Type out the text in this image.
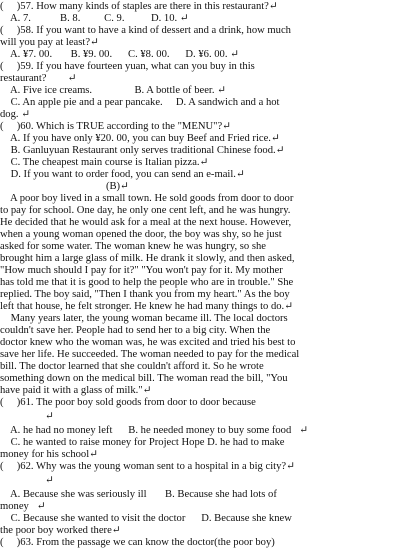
(     )57. How many kinds of staples are there in this restaurant?↵
A. 7.           B. 8.         C. 9.          D. 10. ↵
(     )58. If you want to have a kind of dessert and a drink, how much
will you pay at least?↵
A. ¥7. 00.       B. ¥9. 00.      C. ¥8. 00.      D. ¥6. 00. ↵
(     )59. If you have fourteen yuan, what can you buy in this
restaurant?        ↵
A. Five ice creams.                B. A bottle of beer. ↵
C. An apple pie and a pear pancake.     D. A sandwich and a hot
dog. ↵
(     )60. Which is TRUE according to the "MENU"?↵
A. If you have only ¥20. 00, you can buy Beef and Fried rice.↵
B. Ganluyuan Restaurant only serves traditional Chinese food.↵
C. The cheapest main course is Italian pizza.↵
D. If you want to order food, you can send an e-mail.↵
(B)↵
A poor boy lived in a small town. He sold goods from door to door
to pay for school. One day, he only one cent left, and he was hungry.
He decided that he would ask for a meal at the next house. However,
when a young woman opened the door, the boy was shy, so he just
asked for some water. The woman knew he was hungry, so she
brought him a large glass of milk. He drank it slowly, and then asked,
"How much should I pay for it?" "You won't pay for it. My mother
has told me that it is good to help the people who are in trouble." She
replied. The boy said, "Then I thank you from my heart." As the boy
left that house, he felt stronger. He knew he had many things to do.↵
Many years later, the young woman became ill. The local doctors
couldn't save her. People had to send her to a big city. When the
doctor knew who the woman was, he was excited and tried his best to
save her life. He succeeded. The woman needed to pay for the medical
bill. The doctor learned that she couldn't afford it. So he wrote
something down on the medical bill. The woman read the bill, "You
have paid it with a glass of milk."↵
(     )61. The poor boy sold goods from door to door because
↵
A. he had no money left      B. he needed money to buy some food   ↵
C. he wanted to raise money for Project Hope D. he had to make
money for his school↵
(     )62. Why was the young woman sent to a hospital in a big city?↵
↵
A. Because she was seriously ill       B. Because she had lots of
money   ↵
C. Because she wanted to visit the doctor      D. Because she knew
the poor boy worked there↵
(     )63. From the passage we can know the doctor(the poor boy)
